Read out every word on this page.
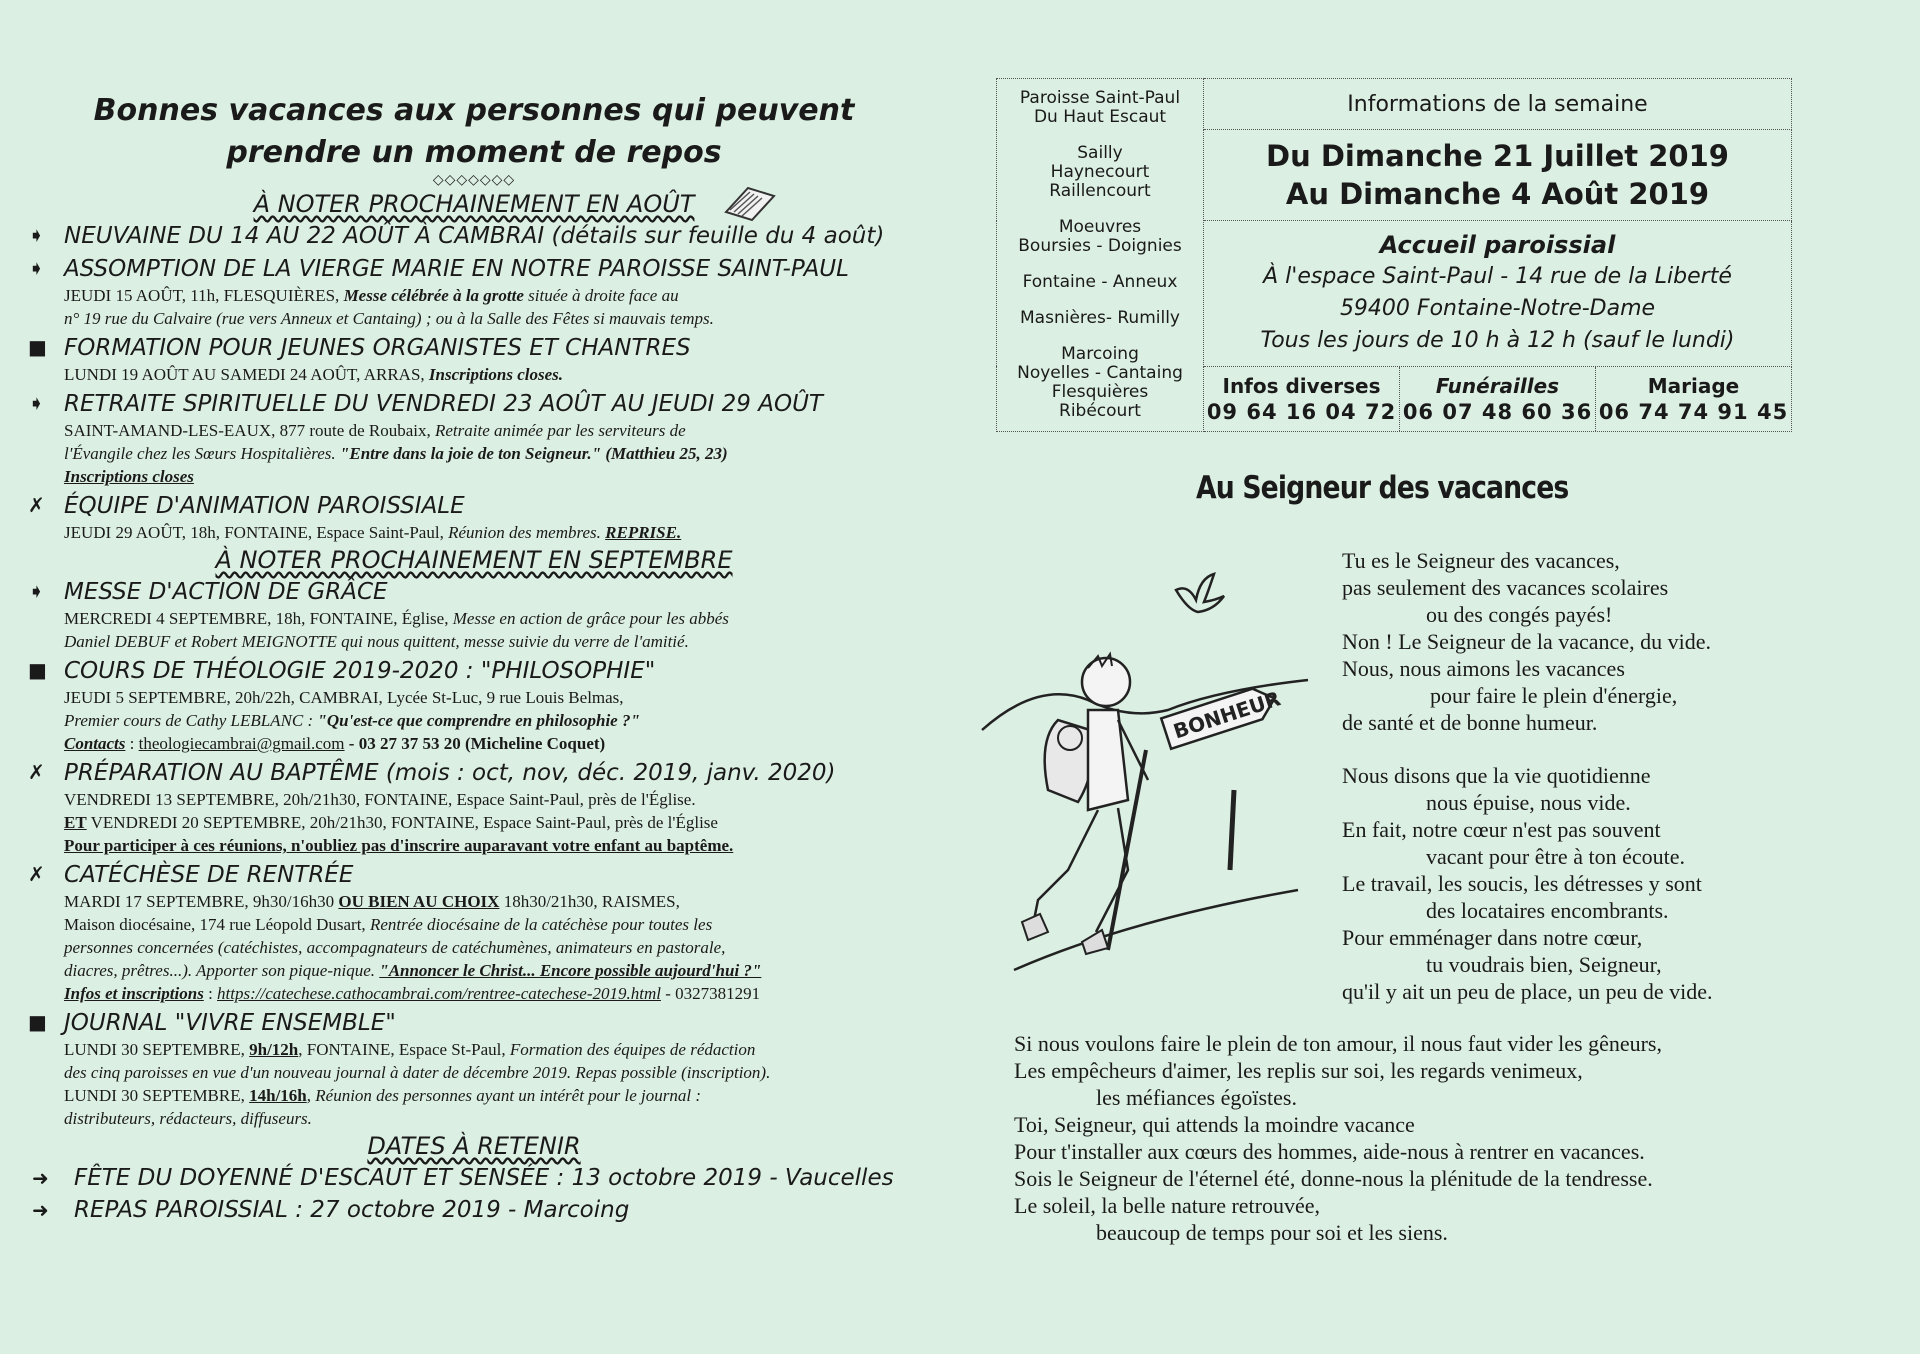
Bonnes vacances aux personnes qui peuvent
prendre un moment de repos
◇◇◇◇◇◇◇
À NOTER PROCHAINEMENT EN AOÛT
➧ NEUVAINE DU 14 AU 22 AOÛT À CAMBRAI (détails sur feuille du 4 août)
➧ ASSOMPTION DE LA VIERGE MARIE EN NOTRE PAROISSE SAINT-PAUL
JEUDI 15 AOÛT, 11h, FLESQUIÈRES, Messe célébrée à la grotte située à droite face au
n° 19 rue du Calvaire (rue vers Anneux et Cantaing) ; ou à la Salle des Fêtes si mauvais temps.
■ FORMATION POUR JEUNES ORGANISTES ET CHANTRES
LUNDI 19 AOÛT AU SAMEDI 24 AOÛT, ARRAS, Inscriptions closes.
➧ RETRAITE SPIRITUELLE DU VENDREDI 23 AOÛT AU JEUDI 29 AOÛT
SAINT-AMAND-LES-EAUX, 877 route de Roubaix, Retraite animée par les serviteurs de
l'Évangile chez les Sœurs Hospitalières. "Entre dans la joie de ton Seigneur." (Matthieu 25, 23)
Inscriptions closes
✗ ÉQUIPE D'ANIMATION PAROISSIALE
JEUDI 29 AOÛT, 18h, FONTAINE, Espace Saint-Paul, Réunion des membres. REPRISE.
À NOTER PROCHAINEMENT EN SEPTEMBRE
➧ MESSE D'ACTION DE GRÂCE
MERCREDI 4 SEPTEMBRE, 18h, FONTAINE, Église, Messe en action de grâce pour les abbés
Daniel DEBUF et Robert MEIGNOTTE qui nous quittent, messe suivie du verre de l'amitié.
■ COURS DE THÉOLOGIE 2019-2020 : "PHILOSOPHIE"
JEUDI 5 SEPTEMBRE, 20h/22h, CAMBRAI, Lycée St-Luc, 9 rue Louis Belmas,
Premier cours de Cathy LEBLANC : "Qu'est-ce que comprendre en philosophie ?"
Contacts : theologiecambrai@gmail.com - 03 27 37 53 20 (Micheline Coquet)
✗ PRÉPARATION AU BAPTÊME (mois : oct, nov, déc. 2019, janv. 2020)
VENDREDI 13 SEPTEMBRE, 20h/21h30, FONTAINE, Espace Saint-Paul, près de l'Église.
ET VENDREDI 20 SEPTEMBRE, 20h/21h30, FONTAINE, Espace Saint-Paul, près de l'Église
Pour participer à ces réunions, n'oubliez pas d'inscrire auparavant votre enfant au baptême.
✗ CATÉCHÈSE DE RENTRÉE
MARDI 17 SEPTEMBRE, 9h30/16h30 OU BIEN AU CHOIX 18h30/21h30, RAISMES,
Maison diocésaine, 174 rue Léopold Dusart, Rentrée diocésaine de la catéchèse pour toutes les
personnes concernées (catéchistes, accompagnateurs de catéchumènes, animateurs en pastorale,
diacres, prêtres...). Apporter son pique-nique. "Annoncer le Christ... Encore possible aujourd'hui ?"
Infos et inscriptions : https://catechese.cathocambrai.com/rentree-catechese-2019.html - 0327381291
■ JOURNAL "VIVRE ENSEMBLE"
LUNDI 30 SEPTEMBRE, 9h/12h, FONTAINE, Espace St-Paul, Formation des équipes de rédaction
des cinq paroisses en vue d'un nouveau journal à dater de décembre 2019. Repas possible (inscription).
LUNDI 30 SEPTEMBRE, 14h/16h, Réunion des personnes ayant un intérêt pour le journal :
distributeurs, rédacteurs, diffuseurs.
DATES À RETENIR
➜ FÊTE DU DOYENNÉ D'ESCAUT ET SENSÉE : 13 octobre 2019 - Vaucelles
➜ REPAS PAROISSIAL : 27 octobre 2019 - Marcoing

Paroisse Saint-Paul
Du Haut Escaut

Sailly
Haynecourt
Raillencourt

Moeuvres
Boursies - Doignies

Fontaine - Anneux

Masnières- Rumilly

Marcoing
Noyelles - Cantaing
Flesquières
Ribécourt

	Informations de la semaine

Du Dimanche 21 Juillet 2019
Au Dimanche 4 Août 2019

Accueil paroissial
À l'espace Saint-Paul - 14 rue de la Liberté
59400 Fontaine-Notre-Dame
Tous les jours de 10 h à 12 h (sauf le lundi)

Infos diverses
09 64 16 04 72
Funérailles
06 07 48 60 36
Mariage
06 74 74 91 45
Au Seigneur des vacances
BONHEUR
Tu es le Seigneur des vacances,
pas seulement des vacances scolaires
ou des congés payés!
Non ! Le Seigneur de la vacance, du vide.
Nous, nous aimons les vacances
pour faire le plein d'énergie,
de santé et de bonne humeur.
Nous disons que la vie quotidienne
nous épuise, nous vide.
En fait, notre cœur n'est pas souvent
vacant pour être à ton écoute.
Le travail, les soucis, les détresses y sont
des locataires encombrants.
Pour emménager dans notre cœur,
tu voudrais bien, Seigneur,
qu'il y ait un peu de place, un peu de vide.
Si nous voulons faire le plein de ton amour, il nous faut vider les gêneurs,
Les empêcheurs d'aimer, les replis sur soi, les regards venimeux,
les méfiances égoïstes.
Toi, Seigneur, qui attends la moindre vacance
Pour t'installer aux cœurs des hommes, aide-nous à rentrer en vacances.
Sois le Seigneur de l'éternel été, donne-nous la plénitude de la tendresse.
Le soleil, la belle nature retrouvée,
beaucoup de temps pour soi et les siens.
